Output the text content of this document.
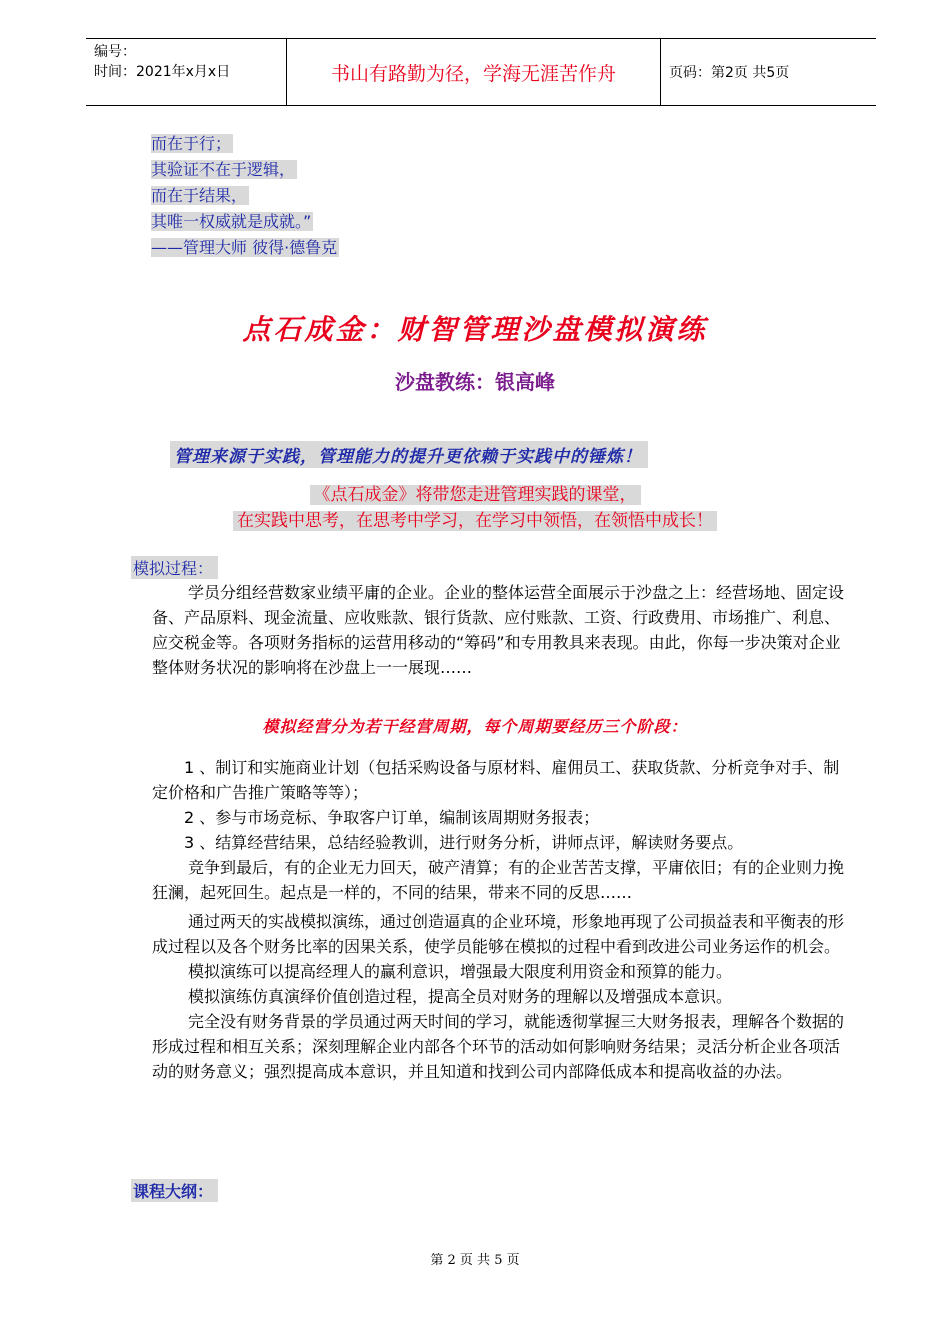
编号：
时间：2021年x月x日	书山有路勤为径，学海无涯苦作舟	页码：第2页 共5页
而在于行；
其验证不在于逻辑，
而在于结果，
其唯一权威就是成就。”
——管理大师 彼得·德鲁克
点石成金：财智管理沙盘模拟演练
沙盘教练：银高峰
管理来源于实践，管理能力的提升更依赖于实践中的锤炼！
《点石成金》将带您走进管理实践的课堂，
在实践中思考，在思考中学习，在学习中领悟，在领悟中成长！
模拟过程：

学员分组经营数家业绩平庸的企业。企业的整体运营全面展示于沙盘之上：经营场地、固定设备、产品原料、现金流量、应收账款、银行货款、应付账款、工资、行政费用、市场推广、利息、应交税金等。各项财务指标的运营用移动的“筹码”和专用教具来表现。由此，你每一步决策对企业整体财务状况的影响将在沙盘上一一展现……

模拟经营分为若干经营周期，每个周期要经历三个阶段：

1 、制订和实施商业计划（包括采购设备与原材料、雇佣员工、获取货款、分析竞争对手、制定价格和广告推广策略等等）；

2 、参与市场竞标、争取客户订单，编制该周期财务报表；

3 、结算经营结果，总结经验教训，进行财务分析，讲师点评，解读财务要点。

竞争到最后，有的企业无力回天，破产清算；有的企业苦苦支撑，平庸依旧；有的企业则力挽狂澜，起死回生。起点是一样的，不同的结果，带来不同的反思……

通过两天的实战模拟演练，通过创造逼真的企业环境，形象地再现了公司损益表和平衡表的形成过程以及各个财务比率的因果关系，使学员能够在模拟的过程中看到改进公司业务运作的机会。

模拟演练可以提高经理人的赢利意识，增强最大限度利用资金和预算的能力。

模拟演练仿真演绎价值创造过程，提高全员对财务的理解以及增强成本意识。

完全没有财务背景的学员通过两天时间的学习，就能透彻掌握三大财务报表，理解各个数据的形成过程和相互关系；深刻理解企业内部各个环节的活动如何影响财务结果；灵活分析企业各项活动的财务意义；强烈提高成本意识，并且知道和找到公司内部降低成本和提高收益的办法。

课程大纲：
第 2 页 共 5 页
